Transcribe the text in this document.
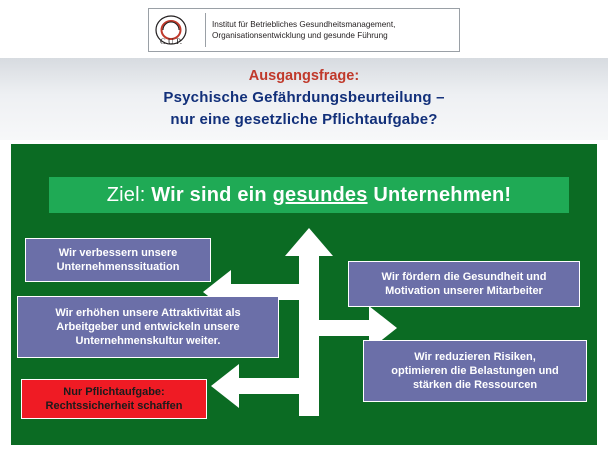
C.U.P.
Institut für Betriebliches Gesundheitsmanagement,
Organisationsentwicklung und gesunde Führung
Ausgangsfrage:
Psychische Gefährdungsbeurteilung –
nur eine gesetzliche Pflichtaufgabe?
Ziel:
Wir sind ein
gesundes
Unternehmen!
Wir verbessern unsere
Unternehmenssituation
Wir erhöhen unsere Attraktivität als
Arbeitgeber und entwickeln unsere
Unternehmenskultur weiter.
Nur Pflichtaufgabe:
Rechtssicherheit schaffen
Wir fördern die Gesundheit und
Motivation unserer Mitarbeiter
Wir reduzieren Risiken,
optimieren die Belastungen und
stärken die Ressourcen
